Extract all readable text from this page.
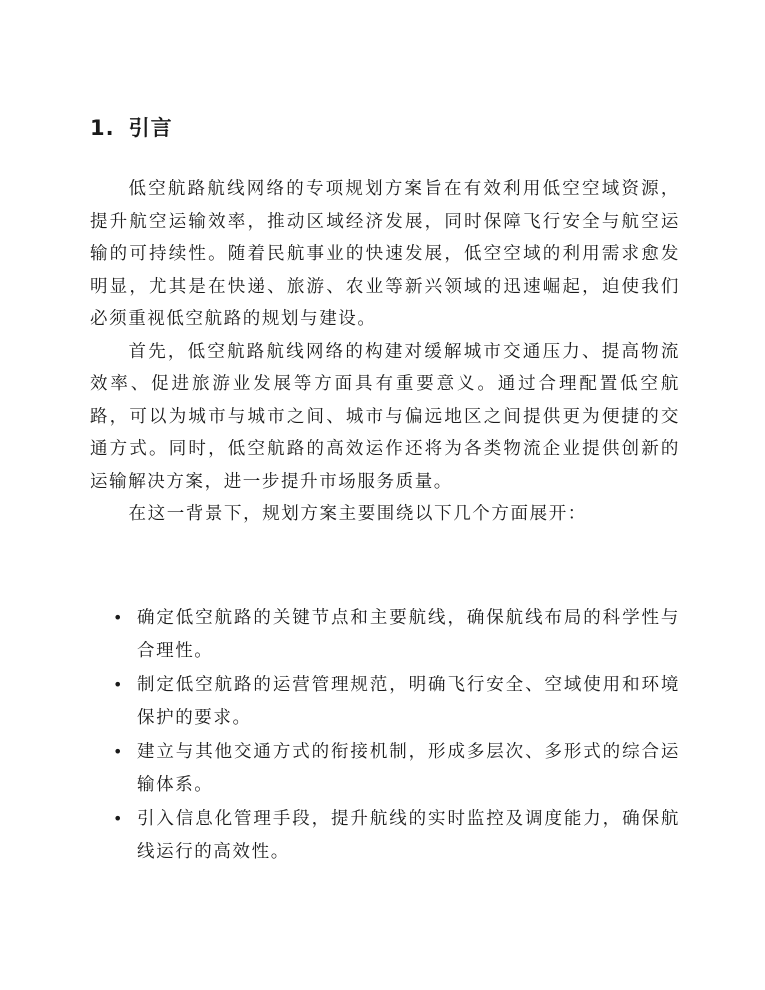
1. 引言

低空航路航线网络的专项规划方案旨在有效利用低空空域资源，提升航空运输效率，推动区域经济发展，同时保障飞行安全与航空运输的可持续性。随着民航事业的快速发展，低空空域的利用需求愈发明显，尤其是在快递、旅游、农业等新兴领域的迅速崛起，迫使我们必须重视低空航路的规划与建设。

首先，低空航路航线网络的构建对缓解城市交通压力、提高物流效率、促进旅游业发展等方面具有重要意义。通过合理配置低空航路，可以为城市与城市之间、城市与偏远地区之间提供更为便捷的交通方式。同时，低空航路的高效运作还将为各类物流企业提供创新的运输解决方案，进一步提升市场服务质量。

在这一背景下，规划方案主要围绕以下几个方面展开：

• 确定低空航路的关键节点和主要航线，确保航线布局的科学性与合理性。
• 制定低空航路的运营管理规范，明确飞行安全、空域使用和环境保护的要求。
• 建立与其他交通方式的衔接机制，形成多层次、多形式的综合运输体系。
• 引入信息化管理手段，提升航线的实时监控及调度能力，确保航线运行的高效性。
